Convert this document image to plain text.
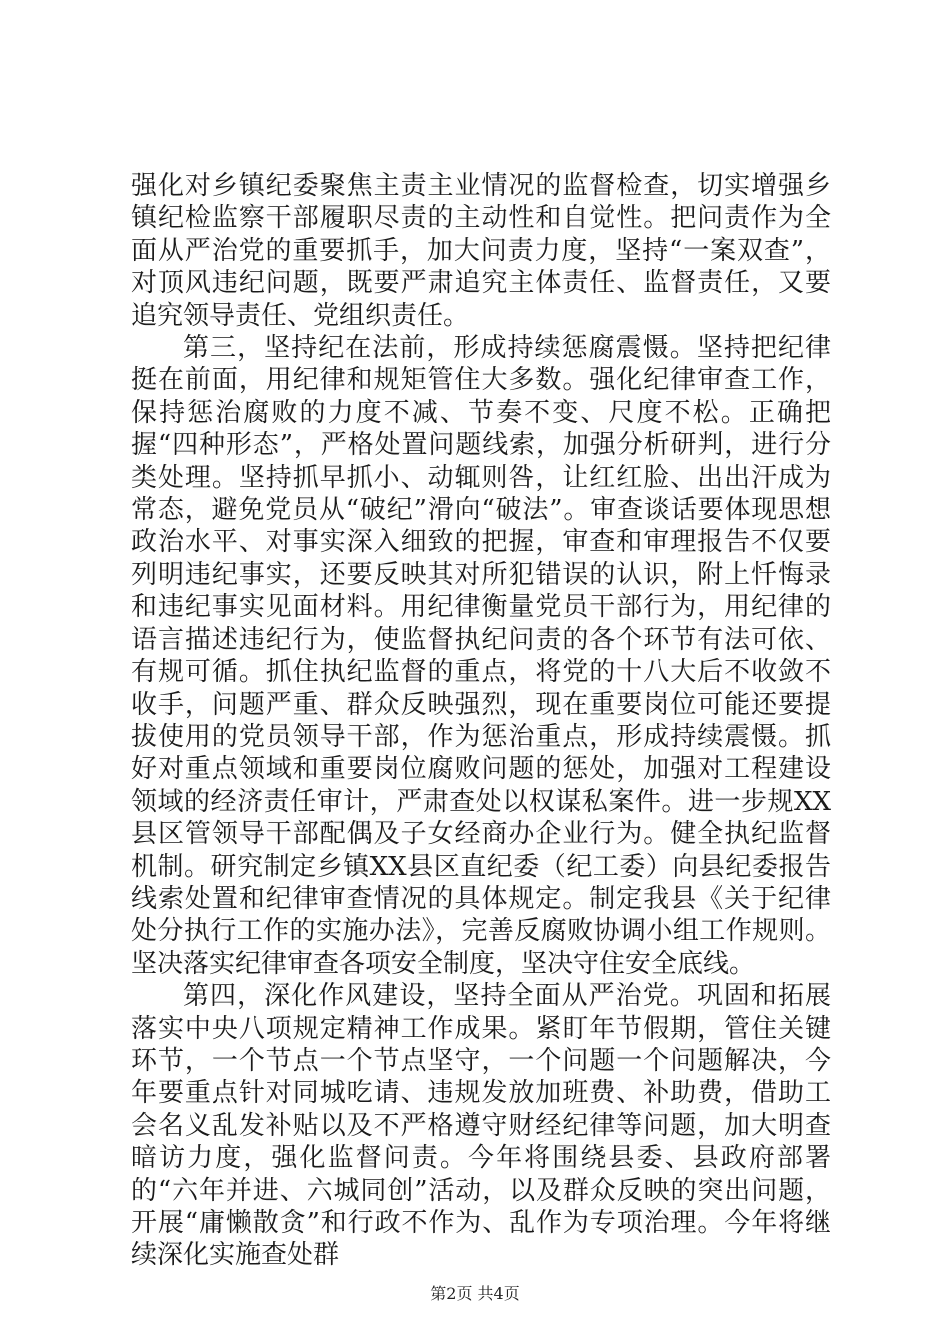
强化对乡镇纪委聚焦主责主业情况的监督检查，切实增强乡镇纪检监察干部履职尽责的主动性和自觉性。把问责作为全面从严治党的重要抓手，加大问责力度，坚持“一案双查”，对顶风违纪问题，既要严肃追究主体责任、监督责任，又要追究领导责任、党组织责任。

第三，坚持纪在法前，形成持续惩腐震慑。坚持把纪律挺在前面，用纪律和规矩管住大多数。强化纪律审查工作，保持惩治腐败的力度不减、节奏不变、尺度不松。正确把握“四种形态”，严格处置问题线索，加强分析研判，进行分类处理。坚持抓早抓小、动辄则咎，让红红脸、出出汗成为常态，避免党员从“破纪”滑向“破法”。审查谈话要体现思想政治水平、对事实深入细致的把握，审查和审理报告不仅要列明违纪事实，还要反映其对所犯错误的认识，附上忏悔录和违纪事实见面材料。用纪律衡量党员干部行为，用纪律的语言描述违纪行为，使监督执纪问责的各个环节有法可依、有规可循。抓住执纪监督的重点，将党的十八大后不收敛不收手，问题严重、群众反映强烈，现在重要岗位可能还要提拔使用的党员领导干部，作为惩治重点，形成持续震慑。抓好对重点领域和重要岗位腐败问题的惩处，加强对工程建设领域的经济责任审计，严肃查处以权谋私案件。进一步规XX县区管领导干部配偶及子女经商办企业行为。健全执纪监督机制。研究制定乡镇XX县区直纪委（纪工委）向县纪委报告线索处置和纪律审查情况的具体规定。制定我县《关于纪律处分执行工作的实施办法》，完善反腐败协调小组工作规则。坚决落实纪律审查各项安全制度，坚决守住安全底线。

第四，深化作风建设，坚持全面从严治党。巩固和拓展落实中央八项规定精神工作成果。紧盯年节假期，管住关键环节，一个节点一个节点坚守，一个问题一个问题解决，今年要重点针对同城吃请、违规发放加班费、补助费，借助工会名义乱发补贴以及不严格遵守财经纪律等问题，加大明查暗访力度，强化监督问责。今年将围绕县委、县政府部署的“六年并进、六城同创”活动，以及群众反映的突出问题，开展“庸懒散贪”和行政不作为、乱作为专项治理。今年将继续深化实施查处群

第2页 共4页
